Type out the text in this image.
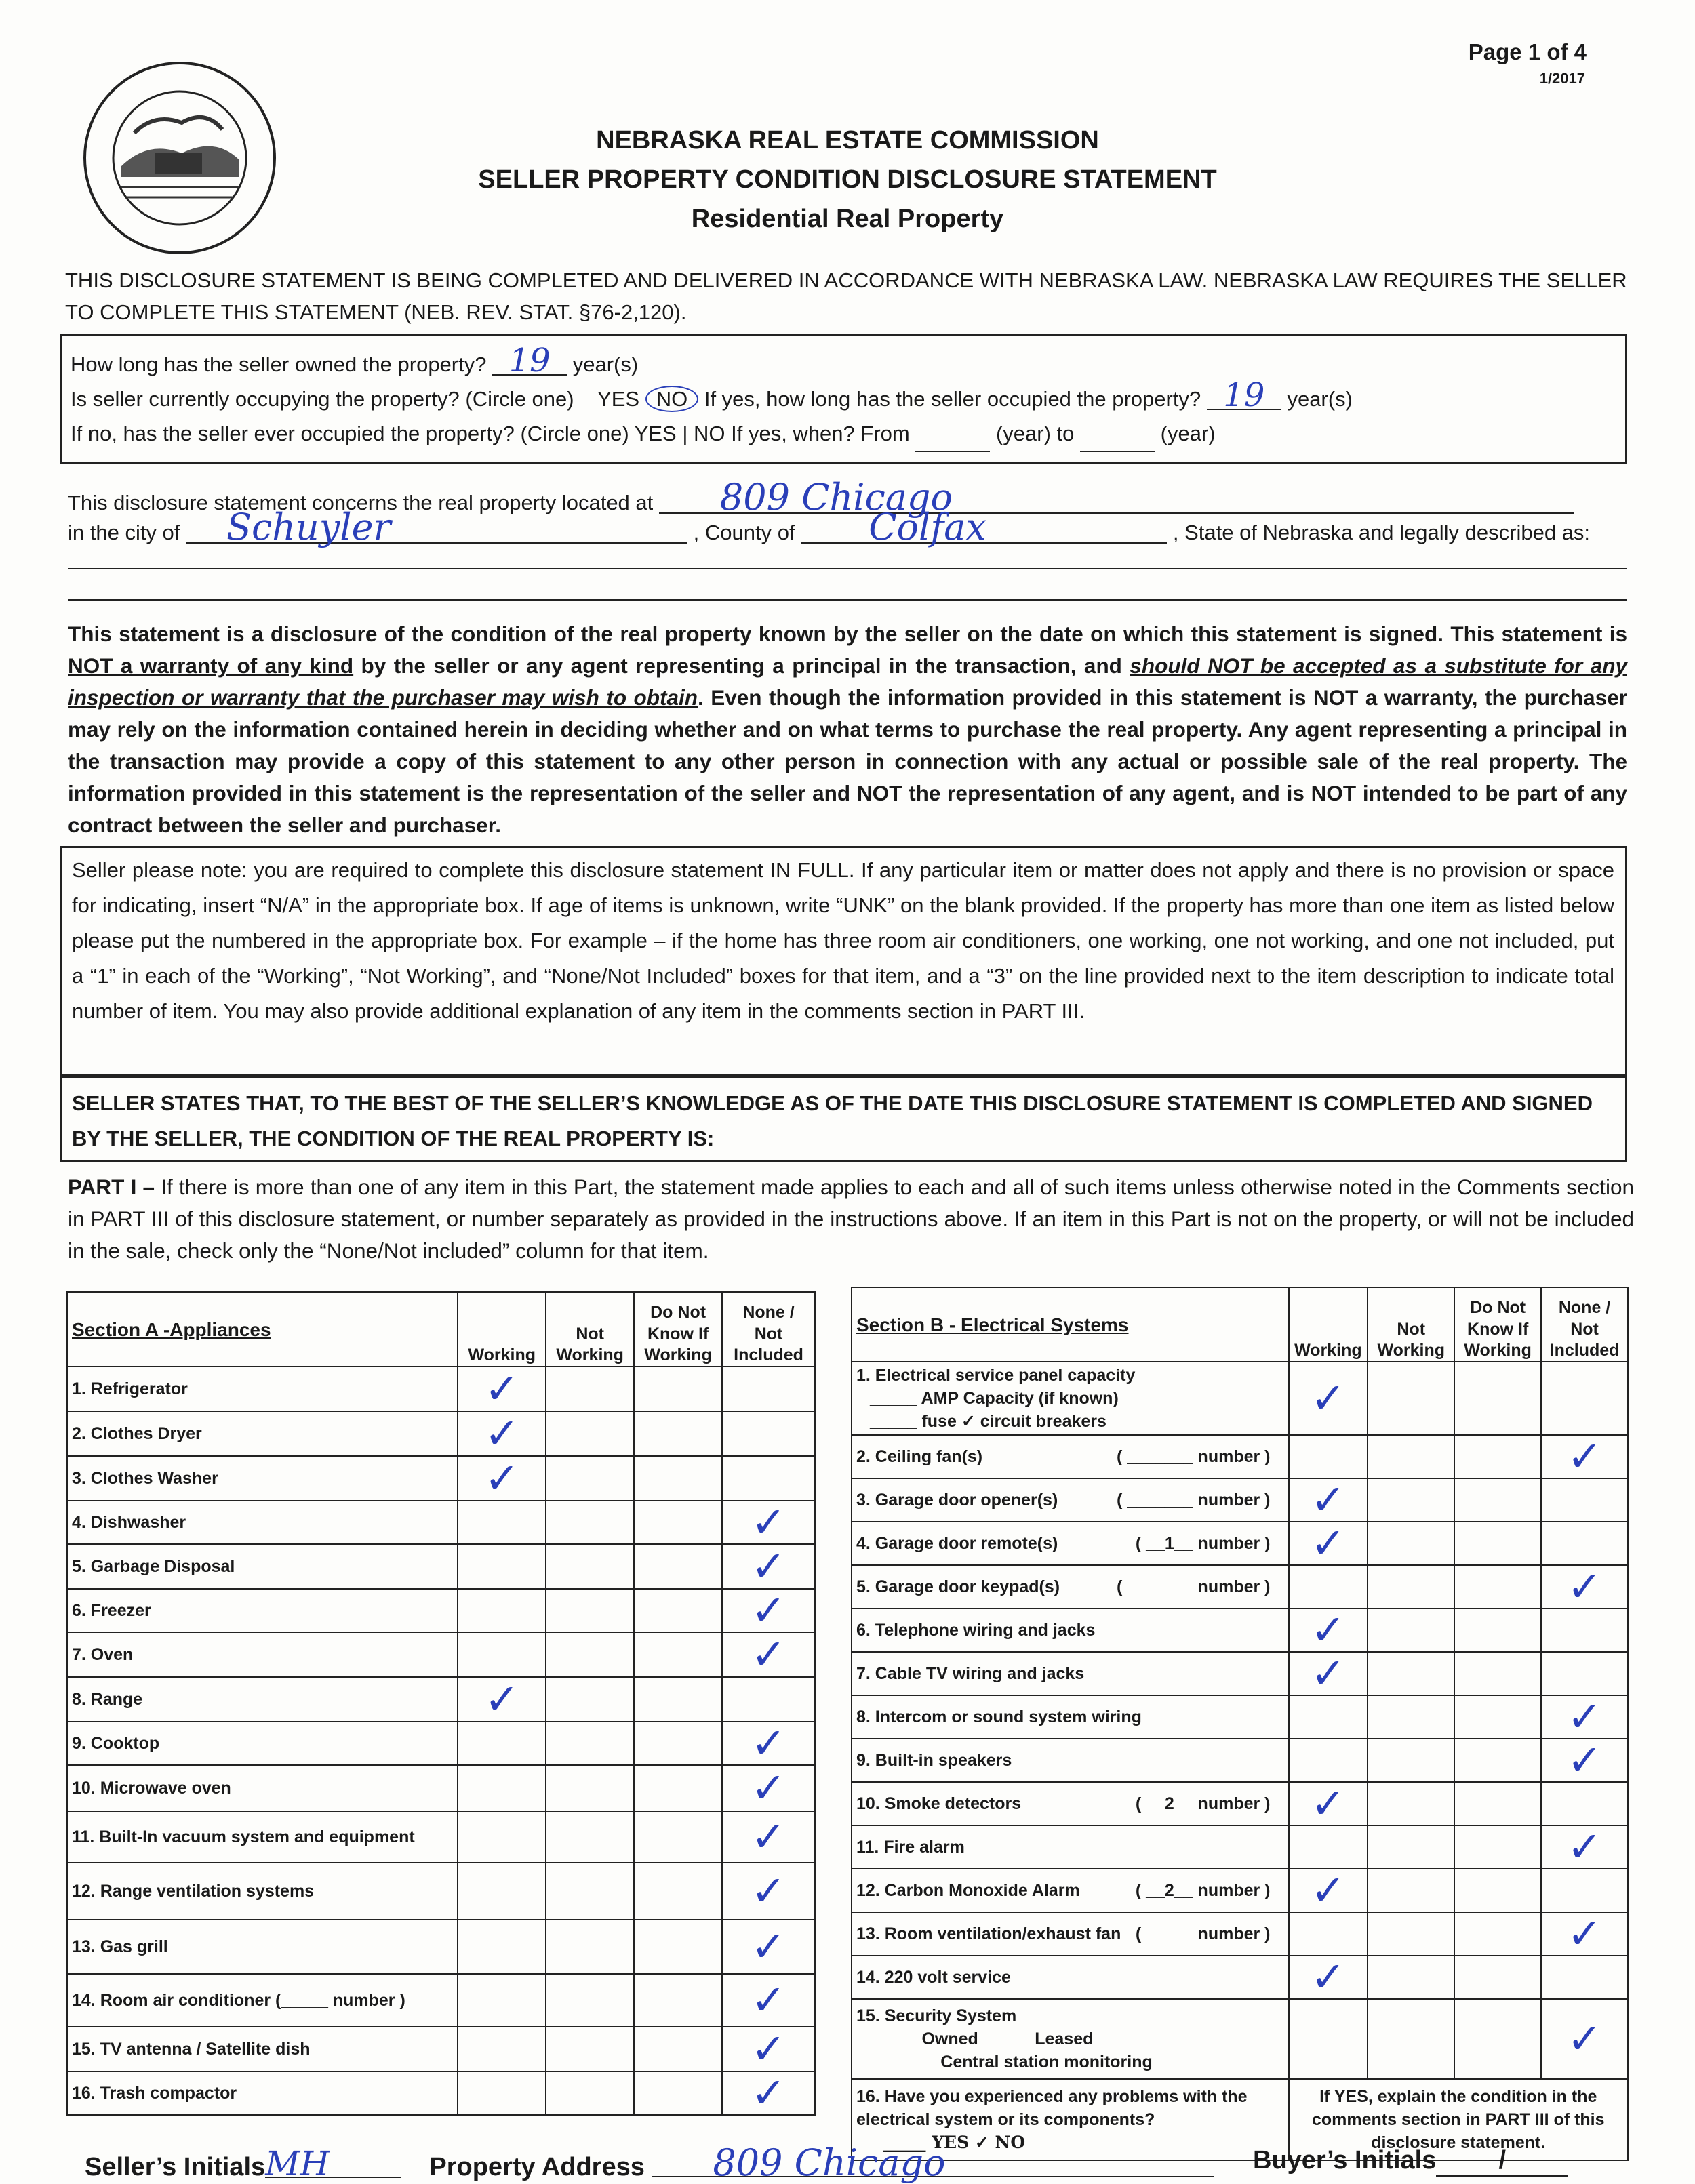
Page 1 of 4
1/2017
NEBRASKA REAL ESTATE COMMISSION
SELLER PROPERTY CONDITION DISCLOSURE STATEMENT
Residential Real Property
THIS DISCLOSURE STATEMENT IS BEING COMPLETED AND DELIVERED IN ACCORDANCE WITH NEBRASKA LAW. NEBRASKA LAW REQUIRES THE SELLER TO COMPLETE THIS STATEMENT (NEB. REV. STAT. §76-2,120).
How long has the seller owned the property? 19 year(s)
Is seller currently occupying the property? (Circle one) YES NO If yes, how long has the seller occupied the property? 19 year(s)
If no, has the seller ever occupied the property? (Circle one) YES | NO If yes, when? From	(year) to	(year)
This disclosure statement concerns the real property located at 809 Chicago
in the city of Schuyler	, County of Colfax	, State of Nebraska and legally described as:
This statement is a disclosure of the condition of the real property known by the seller on the date on which this statement is signed. This statement is NOT a warranty of any kind by the seller or any agent representing a principal in the transaction, and should NOT be accepted as a substitute for any inspection or warranty that the purchaser may wish to obtain. Even though the information provided in this statement is NOT a warranty, the purchaser may rely on the information contained herein in deciding whether and on what terms to purchase the real property. Any agent representing a principal in the transaction may provide a copy of this statement to any other person in connection with any actual or possible sale of the real property. The information provided in this statement is the representation of the seller and NOT the representation of any agent, and is NOT intended to be part of any contract between the seller and purchaser.
Seller please note: you are required to complete this disclosure statement IN FULL. If any particular item or matter does not apply and there is no provision or space for indicating, insert “N/A” in the appropriate box. If age of items is unknown, write “UNK” on the blank provided. If the property has more than one item as listed below please put the numbered in the appropriate box. For example – if the home has three room air conditioners, one working, one not working, and one not included, put a “1” in each of the “Working”, “Not Working”, and “None/Not Included” boxes for that item, and a “3” on the line provided next to the item description to indicate total number of item. You may also provide additional explanation of any item in the comments section in PART III.
SELLER STATES THAT, TO THE BEST OF THE SELLER’S KNOWLEDGE AS OF THE DATE THIS DISCLOSURE STATEMENT IS COMPLETED AND SIGNED BY THE SELLER, THE CONDITION OF THE REAL PROPERTY IS:
PART I – If there is more than one of any item in this Part, the statement made applies to each and all of such items unless otherwise noted in the Comments section in PART III of this disclosure statement, or number separately as provided in the instructions above. If an item in this Part is not on the property, or will not be included in the sale, check only the “None/Not included” column for that item.
Section A -Appliances	Working	Not Working	Do Not Know If Working	None / Not Included
1. Refrigerator	✓			
2. Clothes Dryer	✓			
3. Clothes Washer	✓			
4. Dishwasher				✓
5. Garbage Disposal				✓
6. Freezer				✓
7. Oven				✓
8. Range	✓			
9. Cooktop				✓
10. Microwave oven				✓
11. Built-In vacuum system and equipment				✓
12. Range ventilation systems				✓
13. Gas grill				✓
14. Room air conditioner (_____ number )				✓
15. TV antenna / Satellite dish				✓
16. Trash compactor				✓
Section B - Electrical Systems	Working	Not Working	Do Not Know If Working	None / Not Included

1. Electrical service panel capacity
_____ AMP Capacity (if known)
_____ fuse ✓ circuit breakers	✓			

2. Ceiling fan(s) ( _______ number )				✓

3. Garage door opener(s) ( _______ number )	✓			

4. Garage door remote(s) ( __1__ number )	✓			

5. Garage door keypad(s) ( _______ number )				✓

6. Telephone wiring and jacks	✓			

7. Cable TV wiring and jacks	✓			

8. Intercom or sound system wiring				✓

9. Built-in speakers				✓

10. Smoke detectors ( __2__ number )	✓			

11. Fire alarm				✓

12. Carbon Monoxide Alarm ( __2__ number )	✓			

13. Room ventilation/exhaust fan ( _____ number )				✓

14. 220 volt service	✓			

15. Security System
_____ Owned _____ Leased
_______ Central station monitoring				✓

16. Have you experienced any problems with the electrical system or its components?
_____ YES ✓ NO	If YES, explain the condition in the comments section in PART III of this disclosure statement.			
Seller’s InitialsMH	Property Address 809 Chicago	Buyer’s Initials /
